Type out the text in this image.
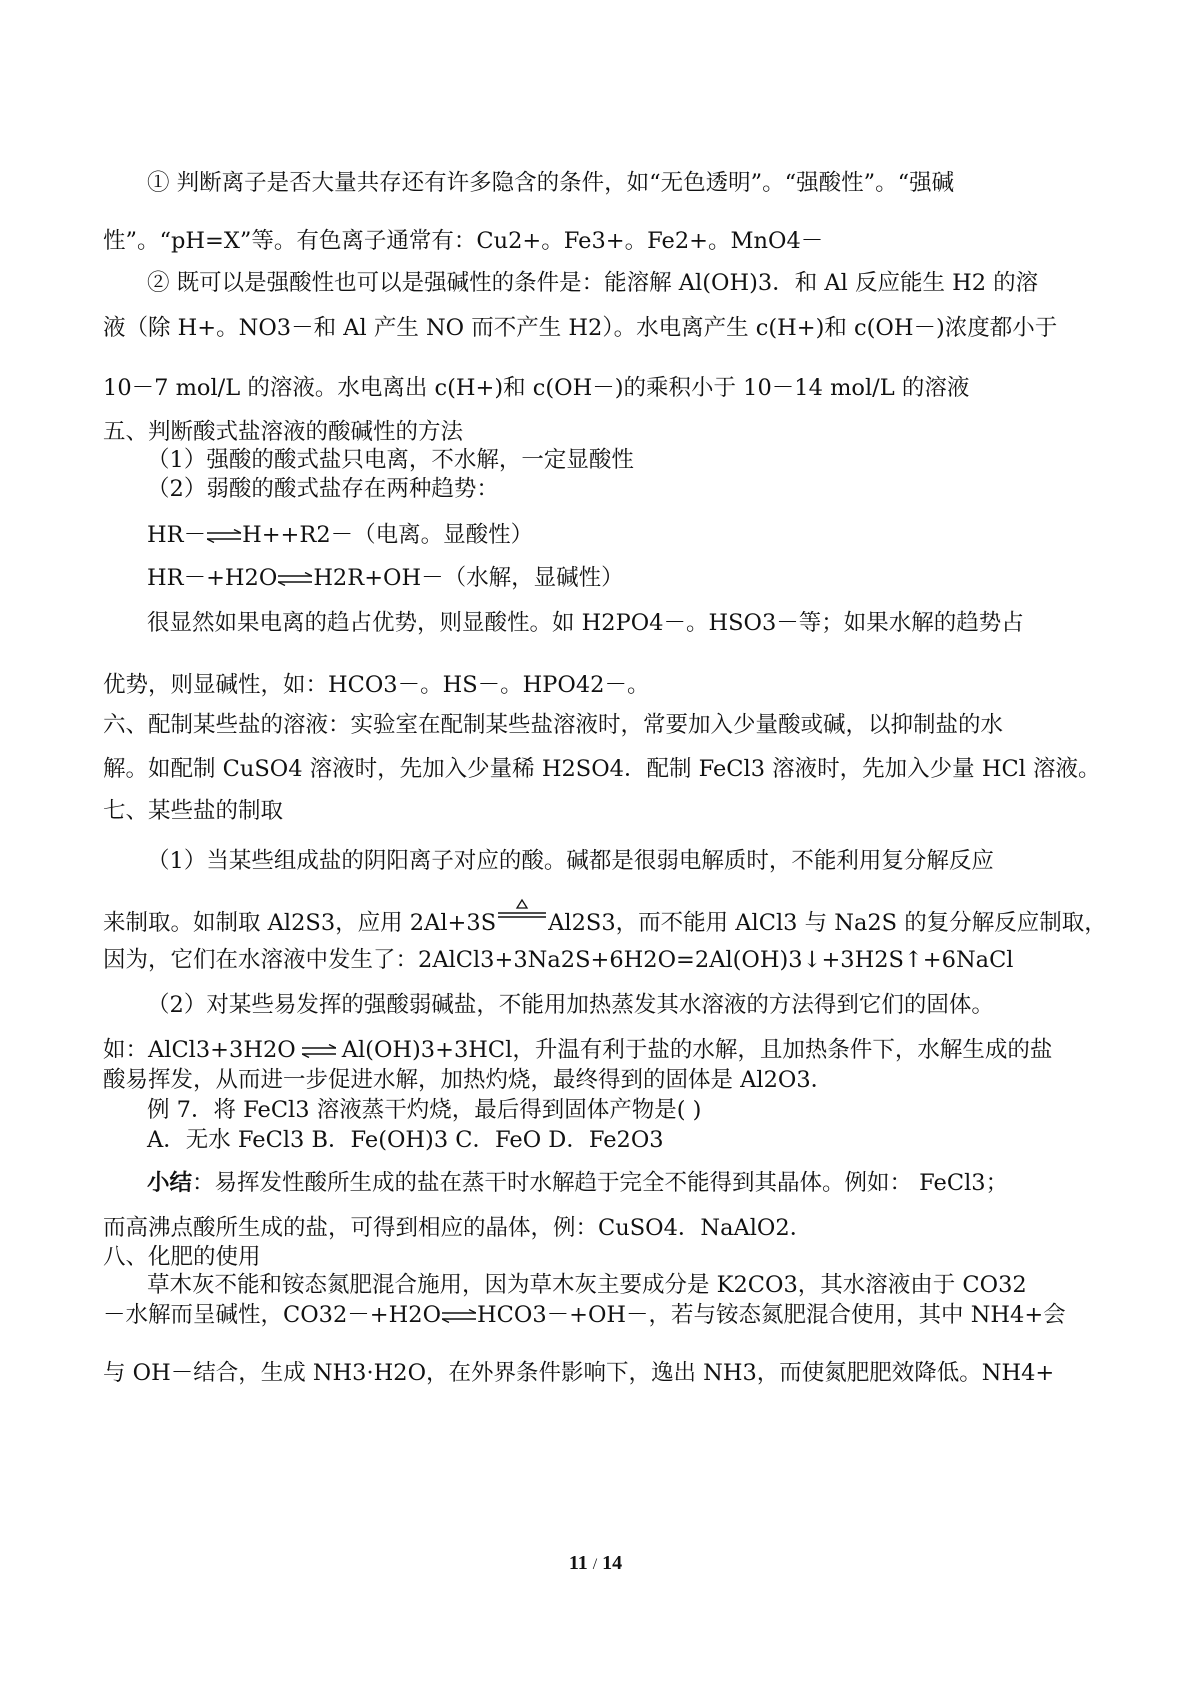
① 判断离子是否大量共存还有许多隐含的条件，如“无色透明”。“强酸性”。“强碱
性”。“pH=X”等。有色离子通常有：Cu2+。Fe3+。Fe2+。MnO4－
② 既可以是强酸性也可以是强碱性的条件是：能溶解 Al(OH)3．和 Al 反应能生 H2 的溶
液（除 H+。NO3－和 Al 产生 NO 而不产生 H2）。水电离产生 c(H+)和 c(OH－)浓度都小于
10－7 mol/L 的溶液。水电离出 c(H+)和 c(OH－)的乘积小于 10－14 mol/L 的溶液
五、判断酸式盐溶液的酸碱性的方法
（1）强酸的酸式盐只电离，不水解，一定显酸性
（2）弱酸的酸式盐存在两种趋势：
HR－ H++R2－（电离。显酸性）
HR－+H2O H2R+OH－（水解，显碱性）
很显然如果电离的趋占优势，则显酸性。如 H2PO4－。HSO3－等；如果水解的趋势占
优势，则显碱性，如：HCO3－。HS－。HPO42－。
六、配制某些盐的溶液：实验室在配制某些盐溶液时，常要加入少量酸或碱，以抑制盐的水
解。如配制 CuSO4 溶液时，先加入少量稀 H2SO4．配制 FeCl3 溶液时，先加入少量 HCl 溶液。
七、某些盐的制取
（1）当某些组成盐的阴阳离子对应的酸。碱都是很弱电解质时，不能利用复分解反应
来制取。如制取 Al2S3，应用 2Al+3S Al2S3，而不能用 AlCl3 与 Na2S 的复分解反应制取，
因为，它们在水溶液中发生了：2AlCl3+3Na2S+6H2O=2Al(OH)3↓+3H2S↑+6NaCl
（2）对某些易发挥的强酸弱碱盐，不能用加热蒸发其水溶液的方法得到它们的固体。
如：AlCl3+3H2O Al(OH)3+3HCl，升温有利于盐的水解，且加热条件下，水解生成的盐
酸易挥发，从而进一步促进水解，加热灼烧，最终得到的固体是 Al2O3．
例 7．将 FeCl3 溶液蒸干灼烧，最后得到固体产物是( )
A．无水 FeCl3 B．Fe(OH)3 C．FeO D．Fe2O3
小结：易挥发性酸所生成的盐在蒸干时水解趋于完全不能得到其晶体。例如： FeCl3；
而高沸点酸所生成的盐，可得到相应的晶体，例：CuSO4．NaAlO2．
八、化肥的使用
草木灰不能和铵态氮肥混合施用，因为草木灰主要成分是 K2CO3，其水溶液由于 CO32
－水解而呈碱性，CO32－+H2O HCO3－+OH－，若与铵态氮肥混合使用，其中 NH4+会
与 OH－结合，生成 NH3·H2O，在外界条件影响下，逸出 NH3，而使氮肥肥效降低。NH4+
11 / 14
